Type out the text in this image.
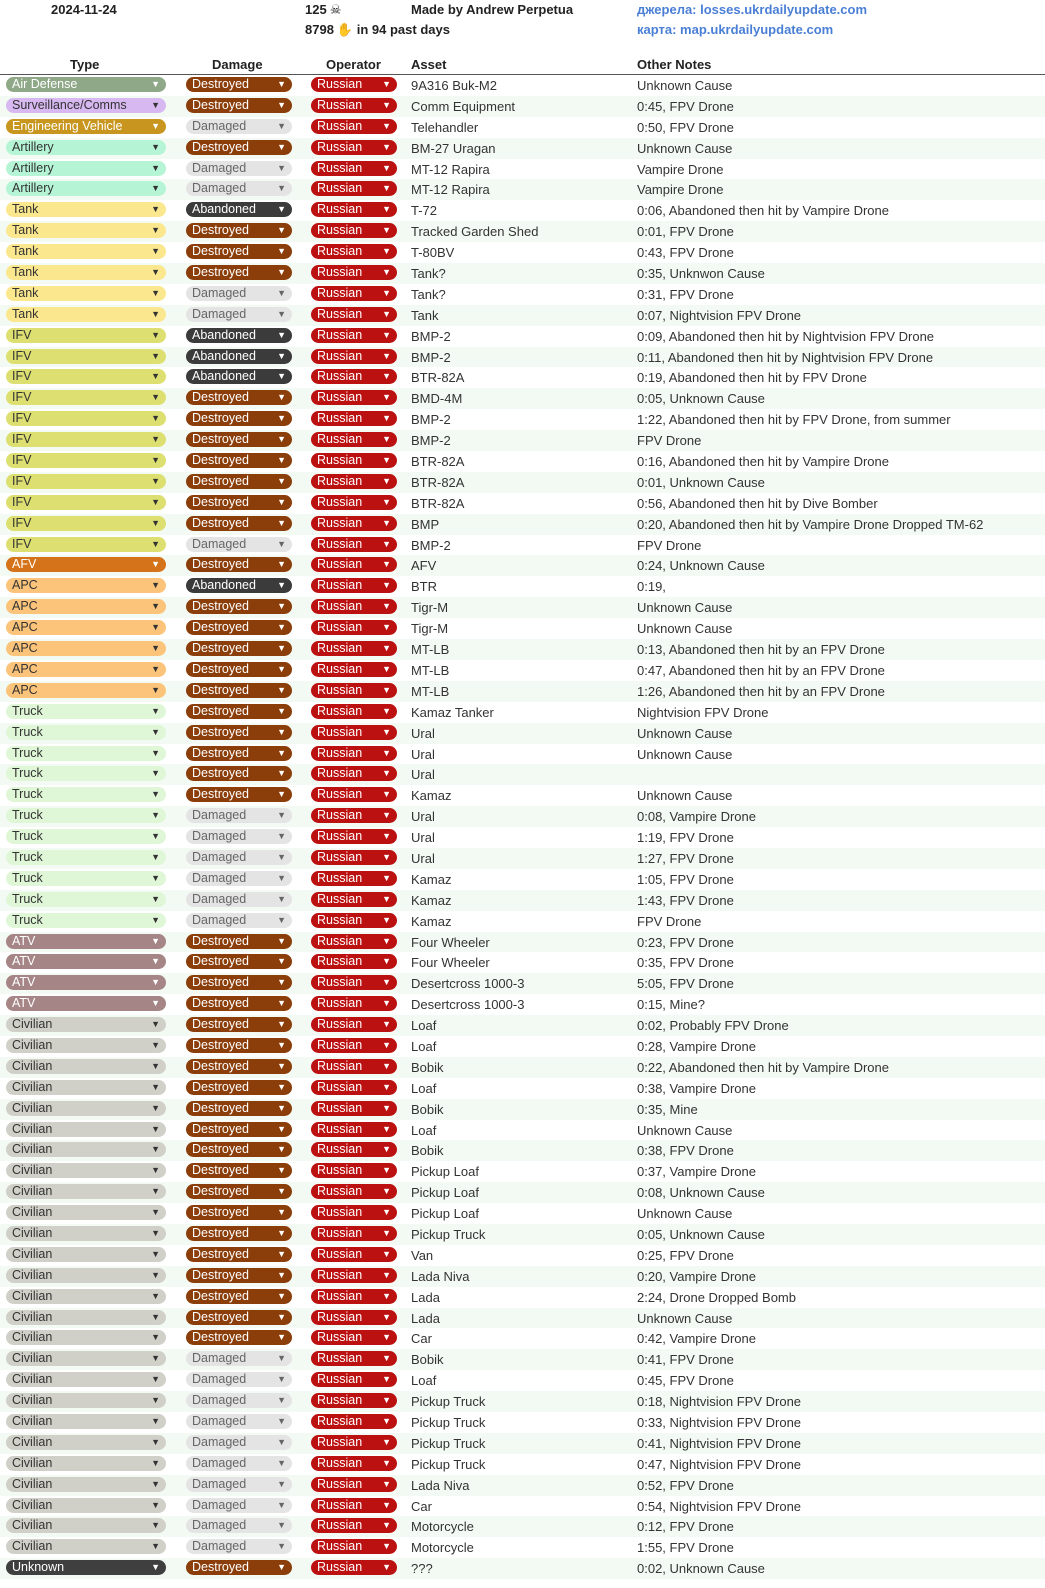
2024-11-24	125 ☠
8798 ✋ in 94 past days
Made by Andrew Perpetua	джерела: losses.ukrdailyupdate.com
карта: map.ukrdailyupdate.com
Type	Damage	Operator Asset	Other Notes
Air Defense	▼	Destroyed	▼	Russian ▼ 9A316 Buk-M2	Unknown Cause
Surveillance/Comms	▼	Destroyed	▼	Russian ▼ Comm Equipment	0:45, FPV Drone
Engineering Vehicle	▼	Damaged	▼	Russian ▼ Telehandler	0:50, FPV Drone
Artillery	▼	Destroyed	▼	Russian ▼ BM-27 Uragan	Unknown Cause
Artillery	▼	Damaged	▼	Russian ▼ MT-12 Rapira	Vampire Drone
Artillery	▼	Damaged	▼	Russian ▼ MT-12 Rapira	Vampire Drone
Tank	▼	Abandoned ▼	Russian ▼ T-72	0:06, Abandoned then hit by Vampire Drone
Tank	▼	Destroyed	▼	Russian ▼ Tracked Garden Shed	0:01, FPV Drone
Tank	▼	Destroyed	▼	Russian ▼ T-80BV	0:43, FPV Drone
Tank	▼	Destroyed	▼	Russian ▼ Tank?	0:35, Unknwon Cause
Tank	▼	Damaged	▼	Russian ▼ Tank?	0:31, FPV Drone
Tank	▼	Damaged	▼	Russian ▼ Tank	0:07, Nightvision FPV Drone
IFV	▼	Abandoned ▼	Russian ▼ BMP-2	0:09, Abandoned then hit by Nightvision FPV Drone
IFV	▼	Abandoned ▼	Russian ▼ BMP-2	0:11, Abandoned then hit by Nightvision FPV Drone
IFV	▼	Abandoned ▼	Russian ▼ BTR-82A	0:19, Abandoned then hit by FPV Drone
IFV	▼	Destroyed	▼	Russian ▼ BMD-4M	0:05, Unknown Cause
IFV	▼	Destroyed	▼	Russian ▼ BMP-2	1:22, Abandoned then hit by FPV Drone, from summer
IFV	▼	Destroyed	▼	Russian ▼ BMP-2	FPV Drone
IFV	▼	Destroyed	▼	Russian ▼ BTR-82A	0:16, Abandoned then hit by Vampire Drone
IFV	▼	Destroyed	▼	Russian ▼ BTR-82A	0:01, Unknown Cause
IFV	▼	Destroyed	▼	Russian ▼ BTR-82A	0:56, Abandoned then hit by Dive Bomber
IFV	▼	Destroyed	▼	Russian ▼ BMP	0:20, Abandoned then hit by Vampire Drone Dropped TM-62
IFV	▼	Damaged	▼	Russian ▼ BMP-2	FPV Drone
AFV	▼	Destroyed	▼	Russian ▼ AFV	0:24, Unknown Cause
APC	▼	Abandoned ▼	Russian ▼ BTR	0:19,
APC	▼	Destroyed	▼	Russian ▼ Tigr-M	Unknown Cause
APC	▼	Destroyed	▼	Russian ▼ Tigr-M	Unknown Cause
APC	▼	Destroyed	▼	Russian ▼ MT-LB	0:13, Abandoned then hit by an FPV Drone
APC	▼	Destroyed	▼	Russian ▼ MT-LB	0:47, Abandoned then hit by an FPV Drone
APC	▼	Destroyed	▼	Russian ▼ MT-LB	1:26, Abandoned then hit by an FPV Drone
Truck	▼	Destroyed	▼	Russian ▼ Kamaz Tanker	Nightvision FPV Drone
Truck	▼	Destroyed	▼	Russian ▼ Ural	Unknown Cause
Truck	▼	Destroyed	▼	Russian ▼ Ural	Unknown Cause
Truck	▼	Destroyed	▼	Russian ▼ Ural
Truck	▼	Destroyed	▼	Russian ▼ Kamaz	Unknown Cause
Truck	▼	Damaged	▼	Russian ▼ Ural	0:08, Vampire Drone
Truck	▼	Damaged	▼	Russian ▼ Ural	1:19, FPV Drone
Truck	▼	Damaged	▼	Russian ▼ Ural	1:27, FPV Drone
Truck	▼	Damaged	▼	Russian ▼ Kamaz	1:05, FPV Drone
Truck	▼	Damaged	▼	Russian ▼ Kamaz	1:43, FPV Drone
Truck	▼	Damaged	▼	Russian ▼ Kamaz	FPV Drone
ATV	▼	Destroyed	▼	Russian ▼ Four Wheeler	0:23, FPV Drone
ATV	▼	Destroyed	▼	Russian ▼ Four Wheeler	0:35, FPV Drone
ATV	▼	Destroyed	▼	Russian ▼ Desertcross 1000-3	5:05, FPV Drone
ATV	▼	Destroyed	▼	Russian ▼ Desertcross 1000-3	0:15, Mine?
Civilian	▼	Destroyed	▼	Russian ▼ Loaf	0:02, Probably FPV Drone
Civilian	▼	Destroyed	▼	Russian ▼ Loaf	0:28, Vampire Drone
Civilian	▼	Destroyed	▼	Russian ▼ Bobik	0:22, Abandoned then hit by Vampire Drone
Civilian	▼	Destroyed	▼	Russian ▼ Loaf	0:38, Vampire Drone
Civilian	▼	Destroyed	▼	Russian ▼ Bobik	0:35, Mine
Civilian	▼	Destroyed	▼	Russian ▼ Loaf	Unknown Cause
Civilian	▼	Destroyed	▼	Russian ▼ Bobik	0:38, FPV Drone
Civilian	▼	Destroyed	▼	Russian ▼ Pickup Loaf	0:37, Vampire Drone
Civilian	▼	Destroyed	▼	Russian ▼ Pickup Loaf	0:08, Unknown Cause
Civilian	▼	Destroyed	▼	Russian ▼ Pickup Loaf	Unknown Cause
Civilian	▼	Destroyed	▼	Russian ▼ Pickup Truck	0:05, Unknown Cause
Civilian	▼	Destroyed	▼	Russian ▼ Van	0:25, FPV Drone
Civilian	▼	Destroyed	▼	Russian ▼ Lada Niva	0:20, Vampire Drone
Civilian	▼	Destroyed	▼	Russian ▼ Lada	2:24, Drone Dropped Bomb
Civilian	▼	Destroyed	▼	Russian ▼ Lada	Unknown Cause
Civilian	▼	Destroyed	▼	Russian ▼ Car	0:42, Vampire Drone
Civilian	▼	Damaged	▼	Russian ▼ Bobik	0:41, FPV Drone
Civilian	▼	Damaged	▼	Russian ▼ Loaf	0:45, FPV Drone
Civilian	▼	Damaged	▼	Russian ▼ Pickup Truck	0:18, Nightvision FPV Drone
Civilian	▼	Damaged	▼	Russian ▼ Pickup Truck	0:33, Nightvision FPV Drone
Civilian	▼	Damaged	▼	Russian ▼ Pickup Truck	0:41, Nightvision FPV Drone
Civilian	▼	Damaged	▼	Russian ▼ Pickup Truck	0:47, Nightvision FPV Drone
Civilian	▼	Damaged	▼	Russian ▼ Lada Niva	0:52, FPV Drone
Civilian	▼	Damaged	▼	Russian ▼ Car	0:54, Nightvision FPV Drone
Civilian	▼	Damaged	▼	Russian ▼ Motorcycle	0:12, FPV Drone
Civilian	▼	Damaged	▼	Russian ▼ Motorcycle	1:55, FPV Drone
Unknown	▼	Destroyed	▼	Russian ▼ ???	0:02, Unknown Cause
